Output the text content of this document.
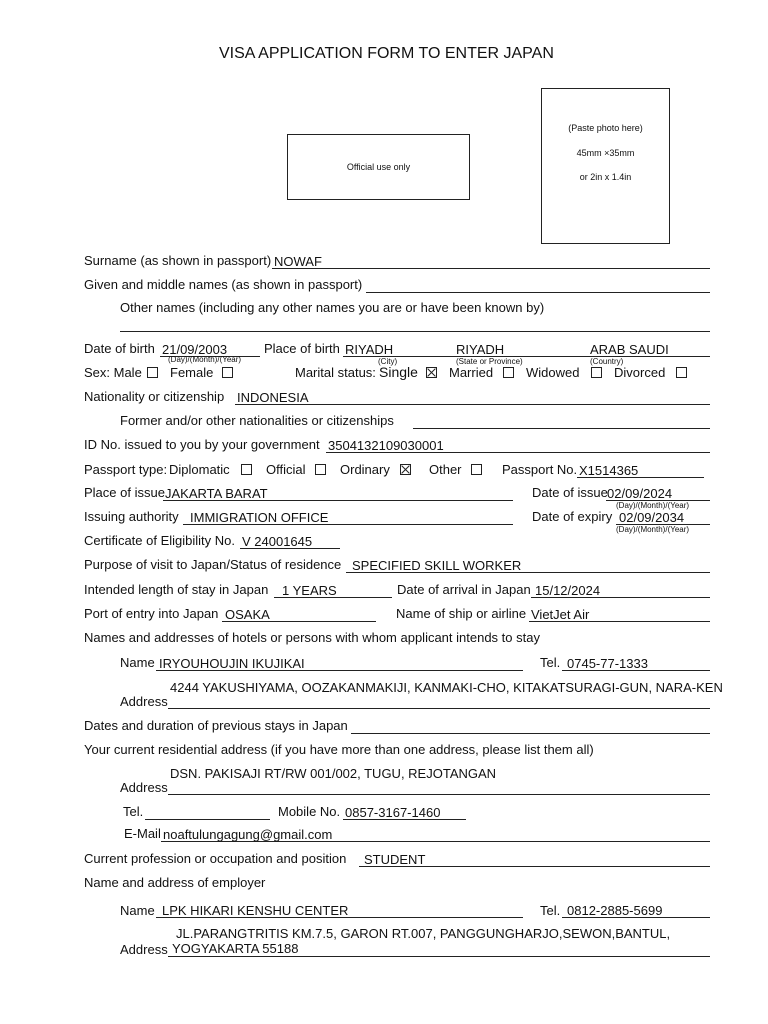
VISA APPLICATION FORM TO ENTER JAPAN
Official use only
(Paste photo here)
45mm ×35mm
or 2in x 1.4in
Surname (as shown in passport) NOWAF
Given and middle names (as shown in passport)
Other names (including any other names you are or have been known by)
Date of birth 21/09/2003
(Day)/(Month)/(Year)
Place of birth RIYADH
(City)
RIYADH
(State or Province)
ARAB SAUDI
(Country)
Sex: Male Female	Marital status: Single Married	Widowed	Divorced
Nationality or citizenship INDONESIA
Former and/or other nationalities or citizenships
ID No. issued to you by your government 3504132109030001
Passport type: Diplomatic	Official	Ordinary	Other	Passport No. X1514365
Place of issue JAKARTA BARAT	Date of issue 02/09/2024
(Day)/(Month)/(Year)
Issuing authority IMMIGRATION OFFICE	Date of expiry 02/09/2034
(Day)/(Month)/(Year)
Certificate of Eligibility No. V 24001645
Purpose of visit to Japan/Status of residence SPECIFIED SKILL WORKER
Intended length of stay in Japan 1 YEARS	Date of arrival in Japan 15/12/2024
Port of entry into Japan OSAKA	Name of ship or airline VietJet Air
Names and addresses of hotels or persons with whom applicant intends to stay
Name IRYOUHOUJIN IKUJIKAI	Tel. 0745-77-1333
4244 YAKUSHIYAMA, OOZAKANMAKIJI, KANMAKI-CHO, KITAKATSURAGI-GUN, NARA-KEN
Address
Dates and duration of previous stays in Japan
Your current residential address (if you have more than one address, please list them all)
DSN. PAKISAJI RT/RW 001/002, TUGU, REJOTANGAN
Address
Tel.	Mobile No. 0857-3167-1460
E-Mail noaftulungagung@gmail.com
Current profession or occupation and position STUDENT
Name and address of employer
Name LPK HIKARI KENSHU CENTER	Tel. 0812-2885-5699
JL.PARANGTRITIS KM.7.5, GARON RT.007, PANGGUNGHARJO,SEWON,BANTUL,
Address YOGYAKARTA 55188
